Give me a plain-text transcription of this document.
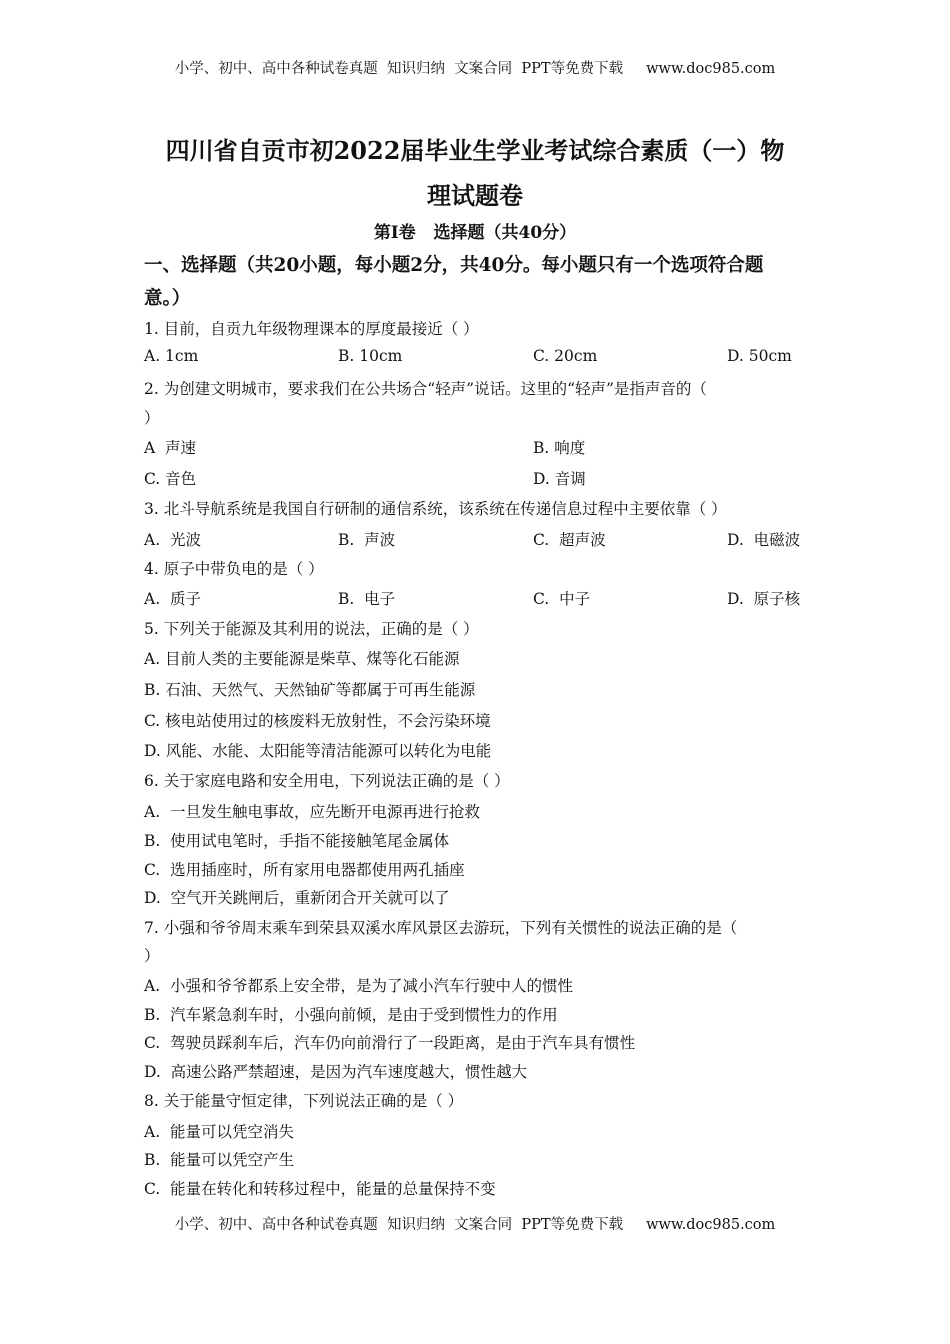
小学、初中、高中各种试卷真题  知识归纳  文案合同  PPT等免费下载     www.doc985.com
四川省自贡市初2022届毕业生学业考试综合素质（一）物
理试题卷
第Ⅰ卷   选择题（共40分）
一、选择题（共20小题，每小题2分，共40分。每小题只有一个选项符合题
意。）
1. 目前，自贡九年级物理课本的厚度最接近（ ）
A. 1cm	B. 10cm	C. 20cm	D. 50cm
2. 为创建文明城市，要求我们在公共场合“轻声”说话。这里的“轻声”是指声音的（
）
A  声速	B. 响度
C. 音色	D. 音调
3. 北斗导航系统是我国自行研制的通信系统，该系统在传递信息过程中主要依靠（ ）
A.  光波	B.  声波	C.  超声波	D.  电磁波
4. 原子中带负电的是（ ）
A.  质子	B.  电子	C.  中子	D.  原子核
5. 下列关于能源及其利用的说法，正确的是（ ）
A. 目前人类的主要能源是柴草、煤等化石能源
B. 石油、天然气、天然铀矿等都属于可再生能源
C. 核电站使用过的核废料无放射性，不会污染环境
D. 风能、水能、太阳能等清洁能源可以转化为电能
6. 关于家庭电路和安全用电，下列说法正确的是（ ）
A.  一旦发生触电事故，应先断开电源再进行抢救
B.  使用试电笔时，手指不能接触笔尾金属体
C.  选用插座时，所有家用电器都使用两孔插座
D.  空气开关跳闸后，重新闭合开关就可以了
7. 小强和爷爷周末乘车到荣县双溪水库风景区去游玩，下列有关惯性的说法正确的是（
）
A.  小强和爷爷都系上安全带，是为了减小汽车行驶中人的惯性
B.  汽车紧急刹车时，小强向前倾，是由于受到惯性力的作用
C.  驾驶员踩刹车后，汽车仍向前滑行了一段距离，是由于汽车具有惯性
D.  高速公路严禁超速，是因为汽车速度越大，惯性越大
8. 关于能量守恒定律，下列说法正确的是（ ）
A.  能量可以凭空消失
B.  能量可以凭空产生
C.  能量在转化和转移过程中，能量的总量保持不变
小学、初中、高中各种试卷真题  知识归纳  文案合同  PPT等免费下载     www.doc985.com
